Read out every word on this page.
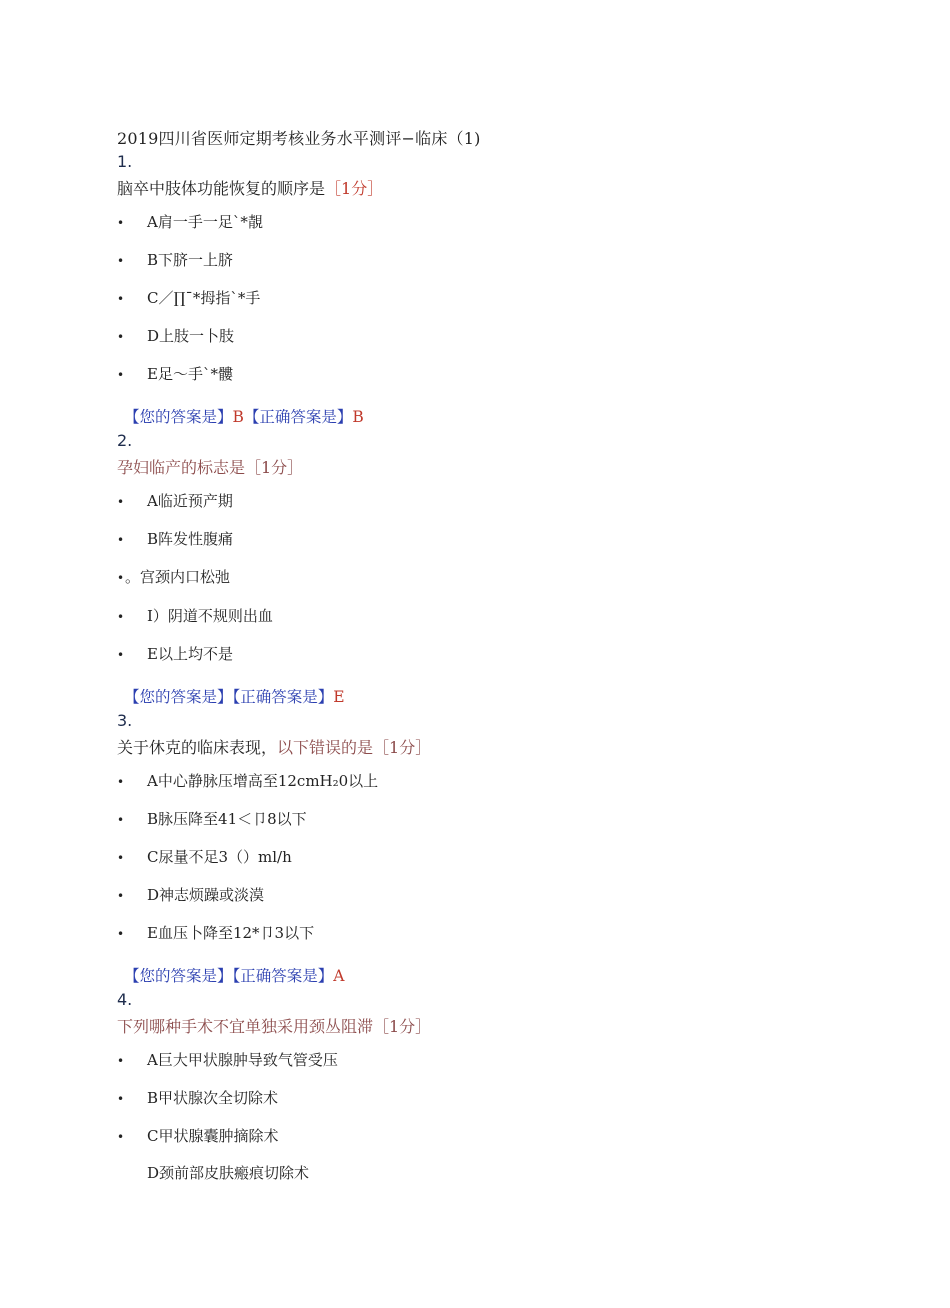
2019四川省医师定期考核业务水平测评−临床（1)
1.
脑卒中肢体功能恢复的顺序是［1分］
• A肩一手一足ˋ*靚
• B下脐一上脐
• C／∏ˉ*拇指ˋ*手
• D上肢一卜肢
• E足〜手ˋ*髏
【您的答案是】B【正确答案是】B
2.
孕妇临产的标志是［1分］
• A临近预产期
• B阵发性腹痛
•。宫颈内口松弛
• I）阴道不规则出血
• E以上均不是
【您的答案是】【正确答案是】E
3.
关于休克的临床表现，以下错误的是［1分］
• A中心静脉压增高至12cmH₂0以上
• B脉压降至41＜卩8以下
• C尿量不足3（）ml/h
• D神志烦躁或淡漠
• E血压卜降至12*卩3以下
【您的答案是】【正确答案是】A
4.
下列哪种手术不宜单独采用颈丛阻滞［1分］
• A巨大甲状腺肿导致气管受压
• B甲状腺次全切除术
• C甲状腺囊肿摘除术
D颈前部皮肤瘢痕切除术
